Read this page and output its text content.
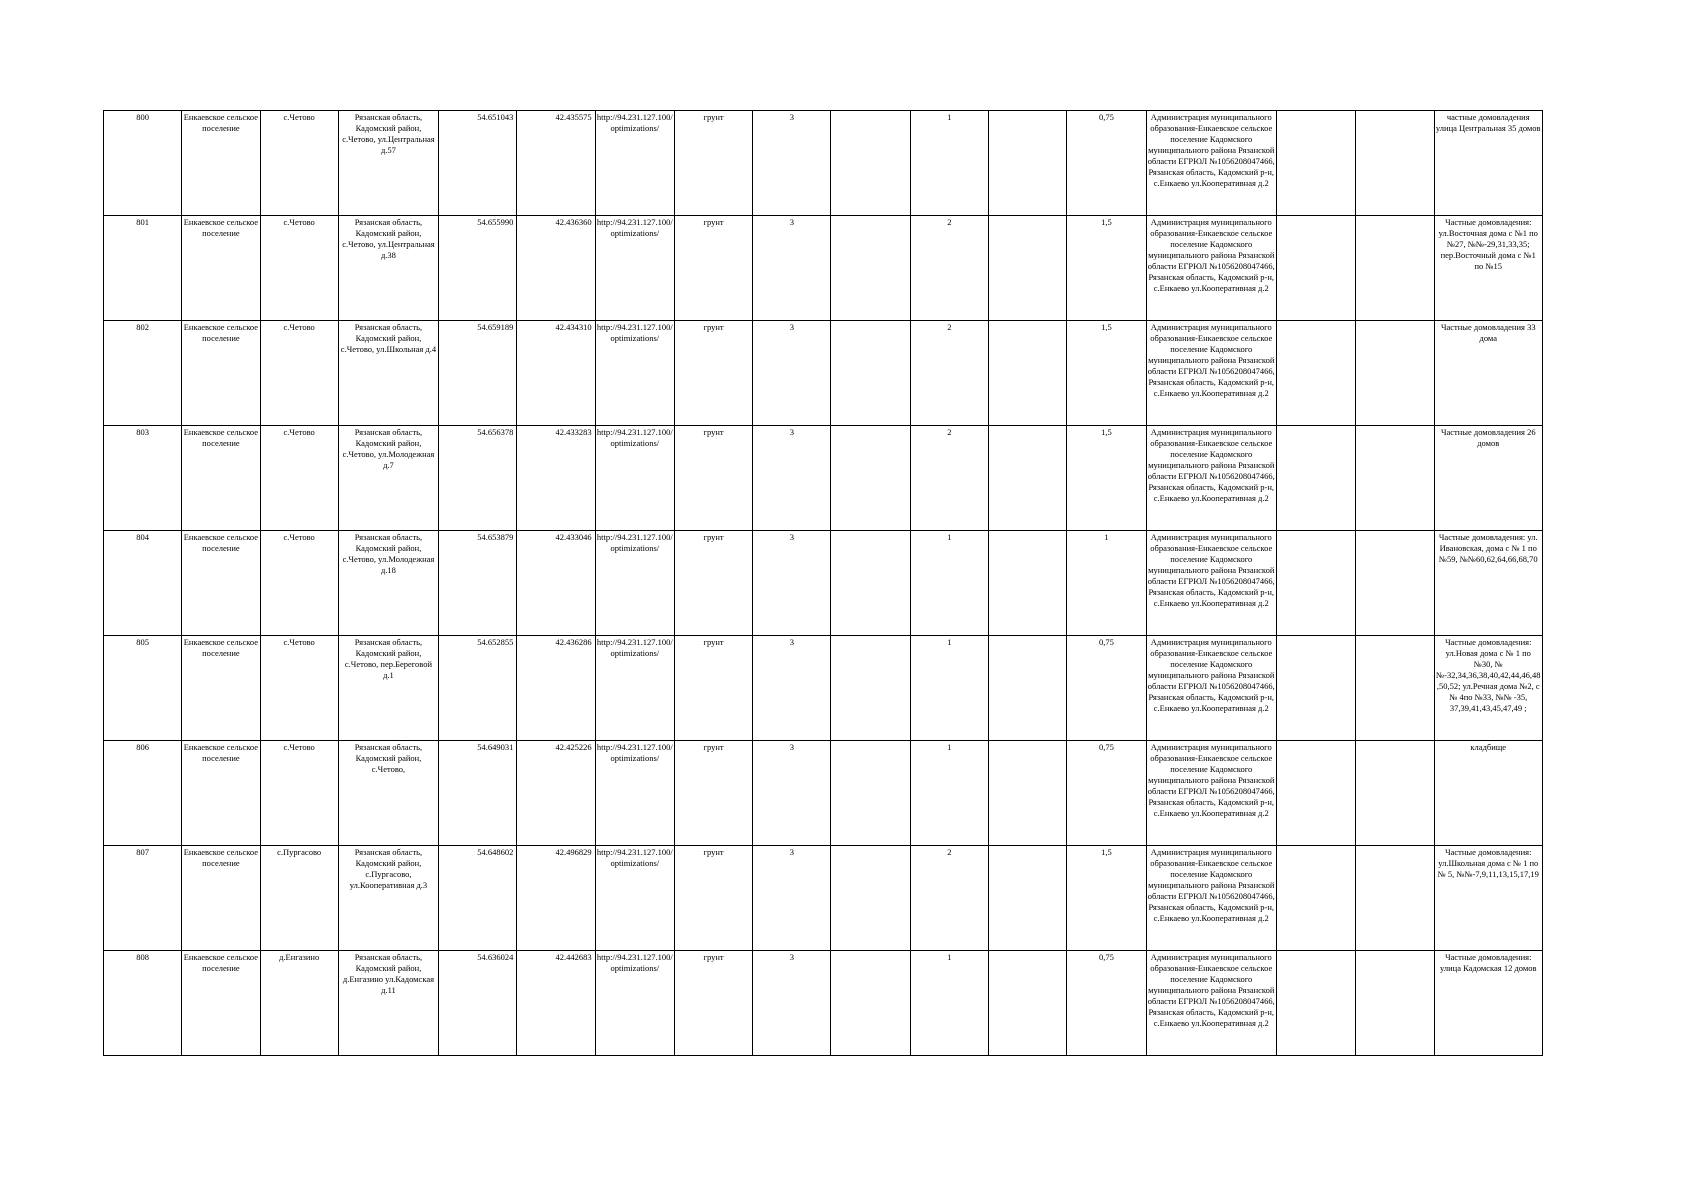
800	Енкаевское сельское поселение	с.Четово	Рязанская область, Кадомский район, с.Четово, ул.Центральная д.57	54.651043	42.435575	http://94.231.127.100/optimizations/	грунт	3		1		0,75	Администрация муниципального образования-Енкаевское сельское поселение Кадомского муниципального района Рязанской области ЕГРЮЛ №1056208047466, Рязанская область, Кадомский р-н, с.Енкаево ул.Кооперативная д.2			частные домовладения улица Центральная 35 домов
801	Енкаевское сельское поселение	с.Четово	Рязанская область, Кадомский район, с.Четово, ул.Центральная д.38	54.655990	42.436360	http://94.231.127.100/optimizations/	грунт	3		2		1,5	Администрация муниципального образования-Енкаевское сельское поселение Кадомского муниципального района Рязанской области ЕГРЮЛ №1056208047466, Рязанская область, Кадомский р-н, с.Енкаево ул.Кооперативная д.2			Частные домовладения: ул.Восточная дома с №1 по №27, №№-29,31,33,35; пер.Восточный дома с №1 по №15
802	Енкаевское сельское поселение	с.Четово	Рязанская область, Кадомский район, с.Четово, ул.Школьная д.4	54.659189	42.434310	http://94.231.127.100/optimizations/	грунт	3		2		1,5	Администрация муниципального образования-Енкаевское сельское поселение Кадомского муниципального района Рязанской области ЕГРЮЛ №1056208047466, Рязанская область, Кадомский р-н, с.Енкаево ул.Кооперативная д.2			Частные домовладения 33 дома
803	Енкаевское сельское поселение	с.Четово	Рязанская область, Кадомский район, с.Четово, ул.Молодежная д.7	54.656378	42.433283	http://94.231.127.100/optimizations/	грунт	3		2		1,5	Администрация муниципального образования-Енкаевское сельское поселение Кадомского муниципального района Рязанской области ЕГРЮЛ №1056208047466, Рязанская область, Кадомский р-н, с.Енкаево ул.Кооперативная д.2			Частные домовладения 26 домов
804	Енкаевское сельское поселение	с.Четово	Рязанская область, Кадомский район, с.Четово, ул.Молодежная д.18	54.653879	42.433046	http://94.231.127.100/optimizations/	грунт	3		1		1	Администрация муниципального образования-Енкаевское сельское поселение Кадомского муниципального района Рязанской области ЕГРЮЛ №1056208047466, Рязанская область, Кадомский р-н, с.Енкаево ул.Кооперативная д.2			Частные домовладения: ул. Ивановская, дома с № 1 по №59, №№60,62,64,66,68,70
805	Енкаевское сельское поселение	с.Четово	Рязанская область, Кадомский район, с.Четово, пер.Береговой д.1	54.652855	42.436286	http://94.231.127.100/optimizations/	грунт	3		1		0,75	Администрация муниципального образования-Енкаевское сельское поселение Кадомского муниципального района Рязанской области ЕГРЮЛ №1056208047466, Рязанская область, Кадомский р-н, с.Енкаево ул.Кооперативная д.2			Частные домовладения: ул.Новая дома с № 1 по №30, №№-32,34,36,38,40,42,44,46,48,50,52; ул.Речная дома №2, с № 4по №33, №№ -35, 37,39,41,43,45,47,49 ;
806	Енкаевское сельское поселение	с.Четово	Рязанская область, Кадомский район, с.Четово,	54.649031	42.425226	http://94.231.127.100/optimizations/	грунт	3		1		0,75	Администрация муниципального образования-Енкаевское сельское поселение Кадомского муниципального района Рязанской области ЕГРЮЛ №1056208047466, Рязанская область, Кадомский р-н, с.Енкаево ул.Кооперативная д.2			кладбище
807	Енкаевское сельское поселение	с.Пургасово	Рязанская область, Кадомский район, с.Пургасово, ул.Кооперативная д.3	54.648602	42.496829	http://94.231.127.100/optimizations/	грунт	3		2		1,5	Администрация муниципального образования-Енкаевское сельское поселение Кадомского муниципального района Рязанской области ЕГРЮЛ №1056208047466, Рязанская область, Кадомский р-н, с.Енкаево ул.Кооперативная д.2			Частные домовладения: ул.Школьная дома с № 1 по № 5, №№-7,9,11,13,15,17,19
808	Енкаевское сельское поселение	д.Енгазино	Рязанская область, Кадомский район, д.Енгазино ул.Кадомская д.11	54.636024	42.442683	http://94.231.127.100/optimizations/	грунт	3		1		0,75	Администрация муниципального образования-Енкаевское сельское поселение Кадомского муниципального района Рязанской области ЕГРЮЛ №1056208047466, Рязанская область, Кадомский р-н, с.Енкаево ул.Кооперативная д.2			Частные домовладения: улица Кадомская 12 домов
